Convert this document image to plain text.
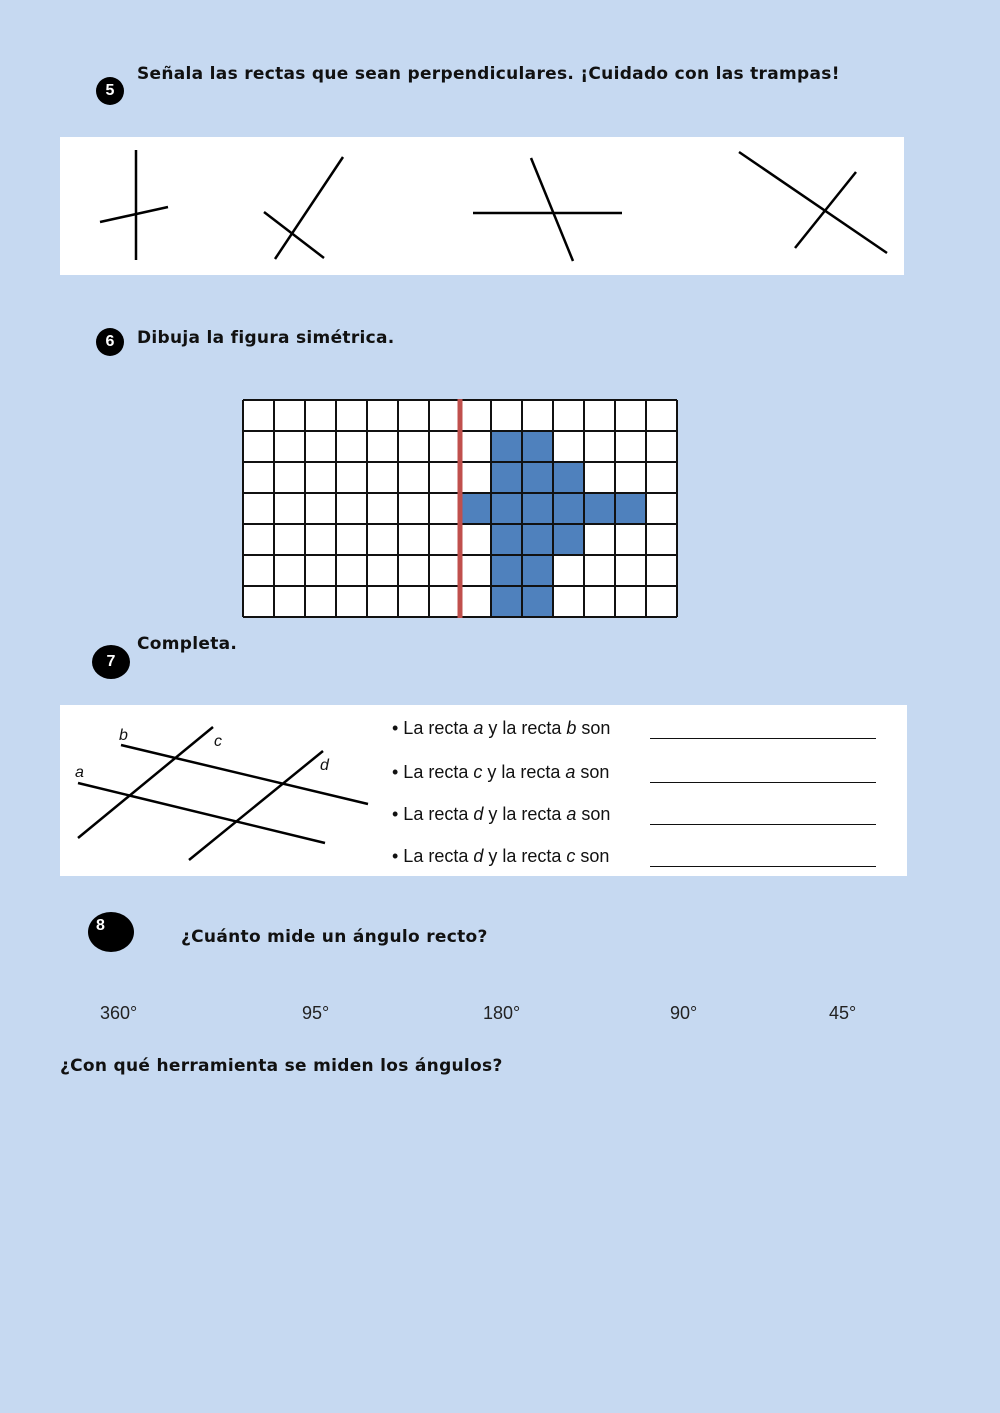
5
Señala las rectas que sean perpendiculares. ¡Cuidado con las trampas!
6	Dibuja la figura simétrica.
7
Completa.
• La recta a y la recta b son
• La recta c y la recta a son
• La recta d y la recta a son
• La recta d y la recta c son
8
¿Cuánto mide un ángulo recto?
360°	95°	180°	90°	45°
¿Con qué herramienta se miden los ángulos?
a
b	c
d
